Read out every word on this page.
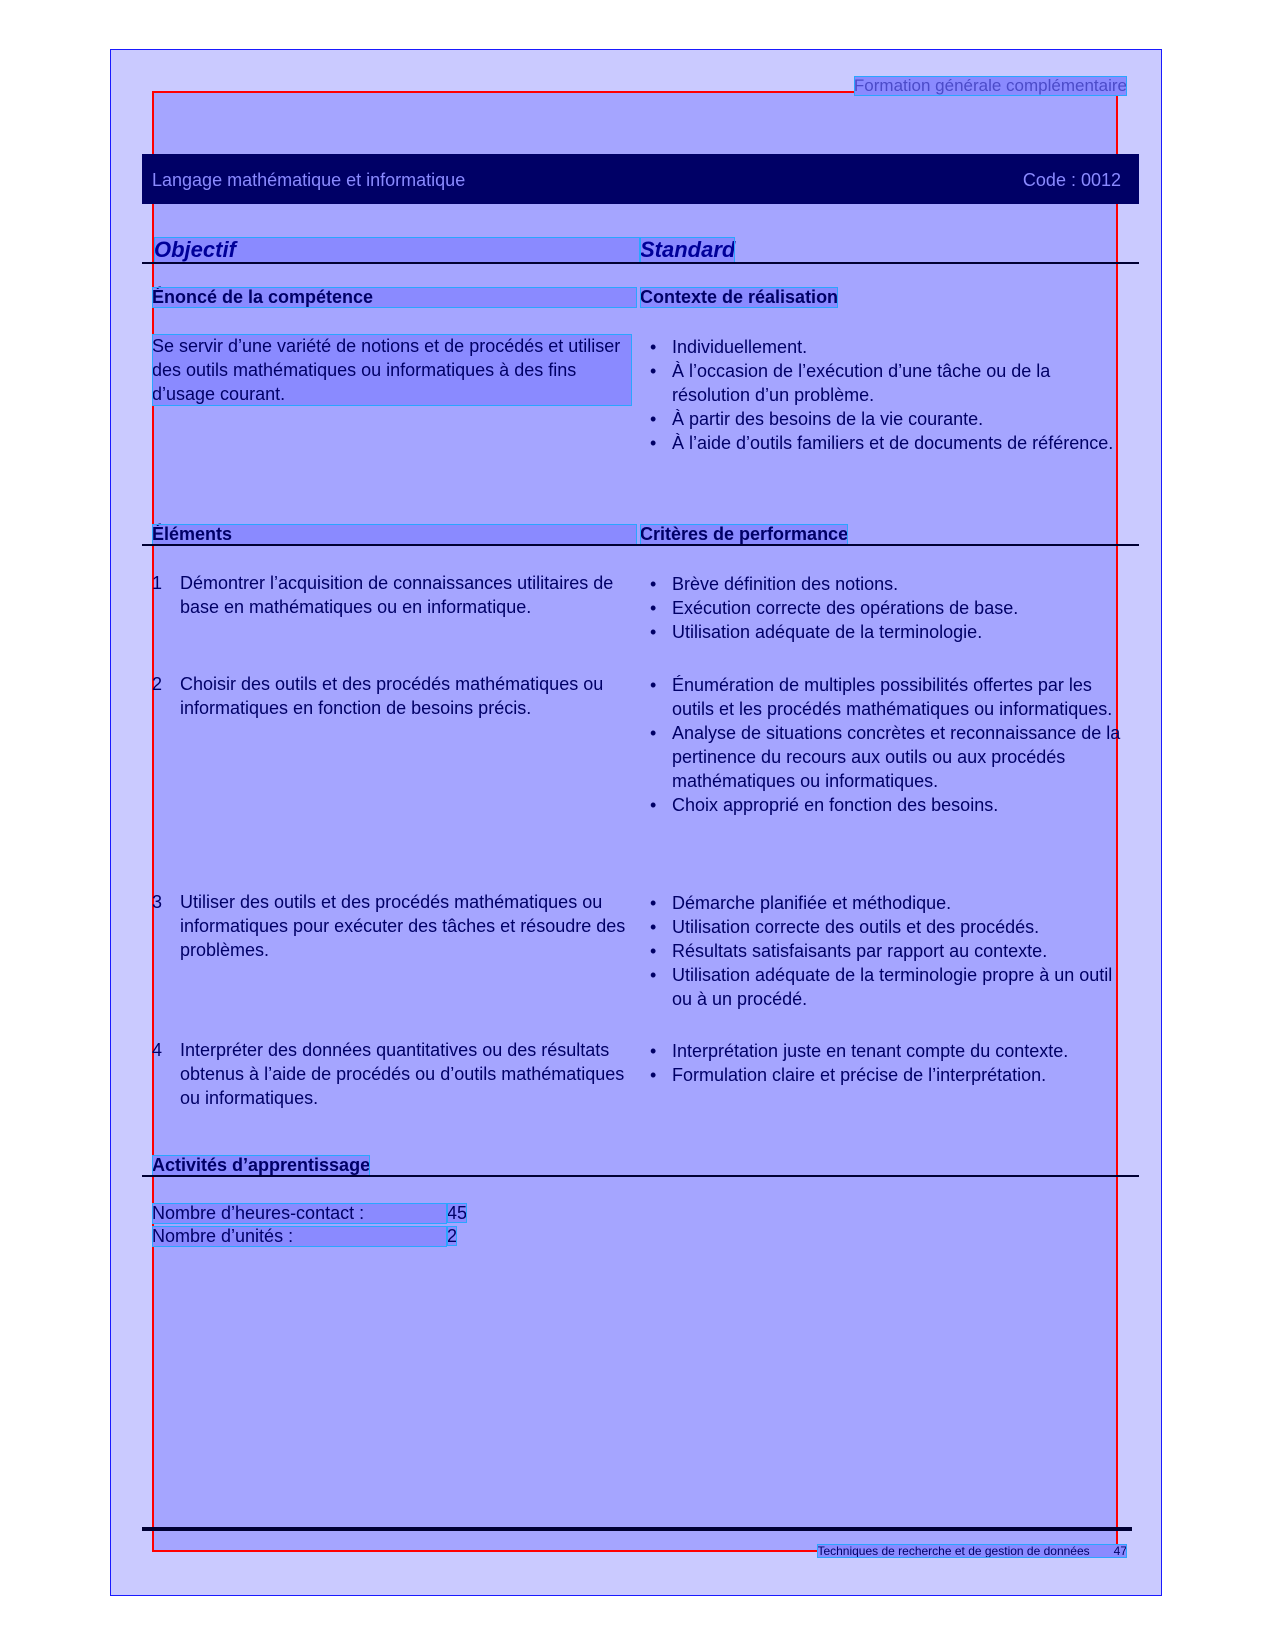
Formation générale complémentaire
Langage mathématique et informatique	Code : 0012
Objectif	Standard
Énoncé de la compétence	Contexte de réalisation
Se servir d’une variété de notions et de procédés et utiliser des outils mathématiques ou informatiques à des fins d’usage courant.
• Individuellement.
• À l’occasion de l’exécution d’une tâche ou de la résolution d’un problème.
• À partir des besoins de la vie courante.
• À l’aide d’outils familiers et de documents de référence.
Éléments	Critères de performance
1 Démontrer l’acquisition de connaissances utilitaires de base en mathématiques ou en informatique.
• Brève définition des notions.
• Exécution correcte des opérations de base.
• Utilisation adéquate de la terminologie.
2 Choisir des outils et des procédés mathématiques ou informatiques en fonction de besoins précis.
• Énumération de multiples possibilités offertes par les outils et les procédés mathématiques ou informatiques.
• Analyse de situations concrètes et reconnaissance de la pertinence du recours aux outils ou aux procédés mathématiques ou informatiques.
• Choix approprié en fonction des besoins.
3 Utiliser des outils et des procédés mathématiques ou informatiques pour exécuter des tâches et résoudre des problèmes.
• Démarche planifiée et méthodique.
• Utilisation correcte des outils et des procédés.
• Résultats satisfaisants par rapport au contexte.
• Utilisation adéquate de la terminologie propre à un outil ou à un procédé.
4 Interpréter des données quantitatives ou des résultats obtenus à l’aide de procédés ou d’outils mathématiques ou informatiques.
• Interprétation juste en tenant compte du contexte.
• Formulation claire et précise de l’interprétation.
Activités d’apprentissage
Nombre d’heures-contact :	45
Nombre d’unités :	2
Techniques de recherche et de gestion de données 47
